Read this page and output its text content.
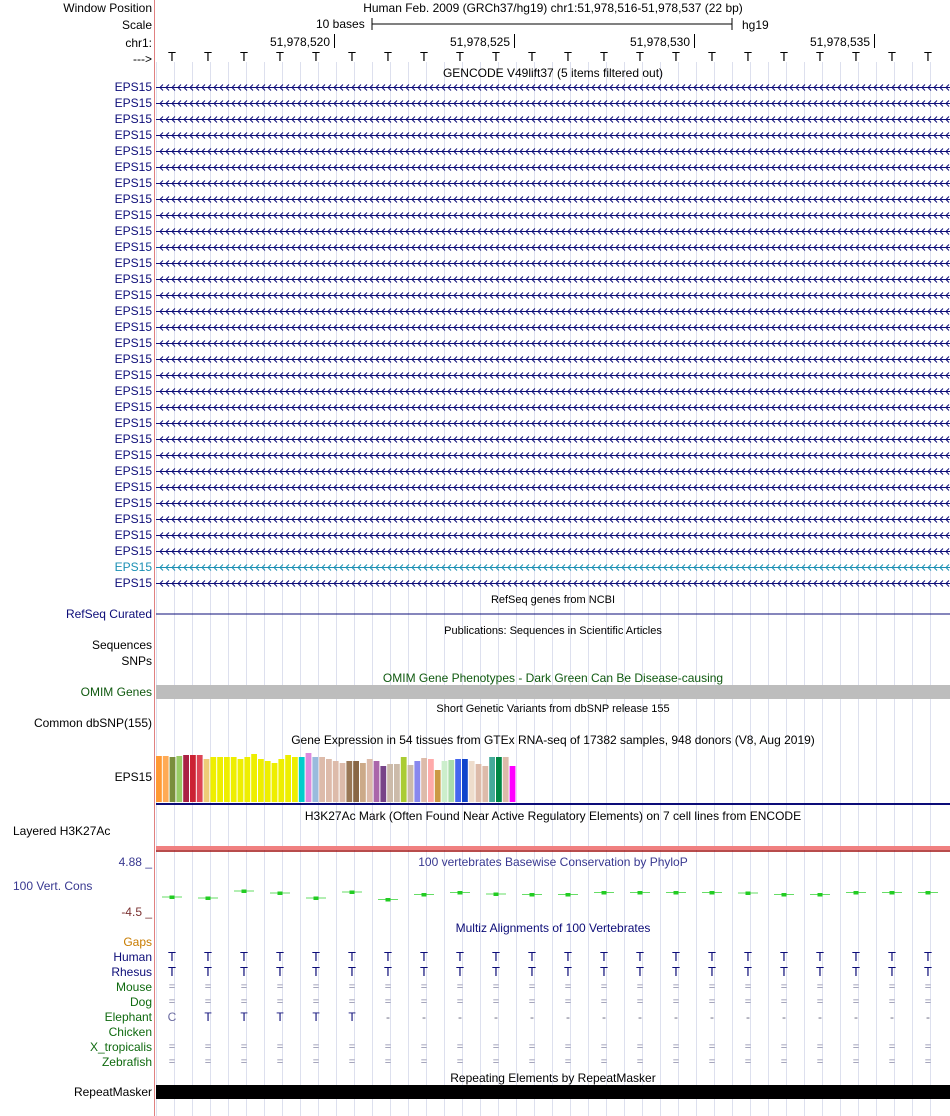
Window Position	Human Feb. 2009 (GRCh37/hg19) chr1:51,978,516-51,978,537 (22 bp)
Scale	10 bases	hg19
chr1:
--->
51,978,520	51,978,525	51,978,530	51,978,535
T T T T T T T T T T T T T T T T T T T T T T
GENCODE V49lift37 (5 items filtered out)
EPS15
EPS15
EPS15
EPS15
EPS15
EPS15
EPS15
EPS15
EPS15
EPS15
EPS15
EPS15
EPS15
EPS15
EPS15
EPS15
EPS15
EPS15
EPS15
EPS15
EPS15
EPS15
EPS15
EPS15
EPS15
EPS15
EPS15
EPS15
EPS15
EPS15
EPS15
EPS15
RefSeq genes from NCBI
RefSeq Curated
Publications: Sequences in Scientific Articles
Sequences
SNPs
OMIM Gene Phenotypes - Dark Green Can Be Disease-causing
OMIM Genes
Short Genetic Variants from dbSNP release 155
Common dbSNP(155)
Gene Expression in 54 tissues from GTEx RNA-seq of 17382 samples, 948 donors (V8, Aug 2019)
EPS15
H3K27Ac Mark (Often Found Near Active Regulatory Elements) on 7 cell lines from ENCODE
Layered H3K27Ac
100 vertebrates Basewise Conservation by PhyloP
4.88 _
100 Vert. Cons
-4.5 _
Multiz Alignments of 100 Vertebrates
Gaps
Human T T T T T T T T T T T T T T T T T T T T T T
Rhesus T T T T T T T T T T T T T T T T T T T T T T
Mouse =	=	=	=	=	=	=	=	=	=	=	=	=	=	=	=	=	=	=	=	=	=
Dog =	=	=	=	=	=	=	=	=	=	=	=	=	=	=	=	=	=	=	=	=	=
Elephant C T T T T T	-	-	-	-	-	-	-	-	-	-	-	-	-	-	-	-
Chicken
X_tropicalis =	=	=	=	=	=	=	=	=	=	=	=	=	=	=	=	=	=	=	=	=	=
Zebrafish =	=	=	=	=	=	=	=	=	=	=	=	=	=	=	=	=	=	=	=	=	=
Repeating Elements by RepeatMasker
RepeatMasker
